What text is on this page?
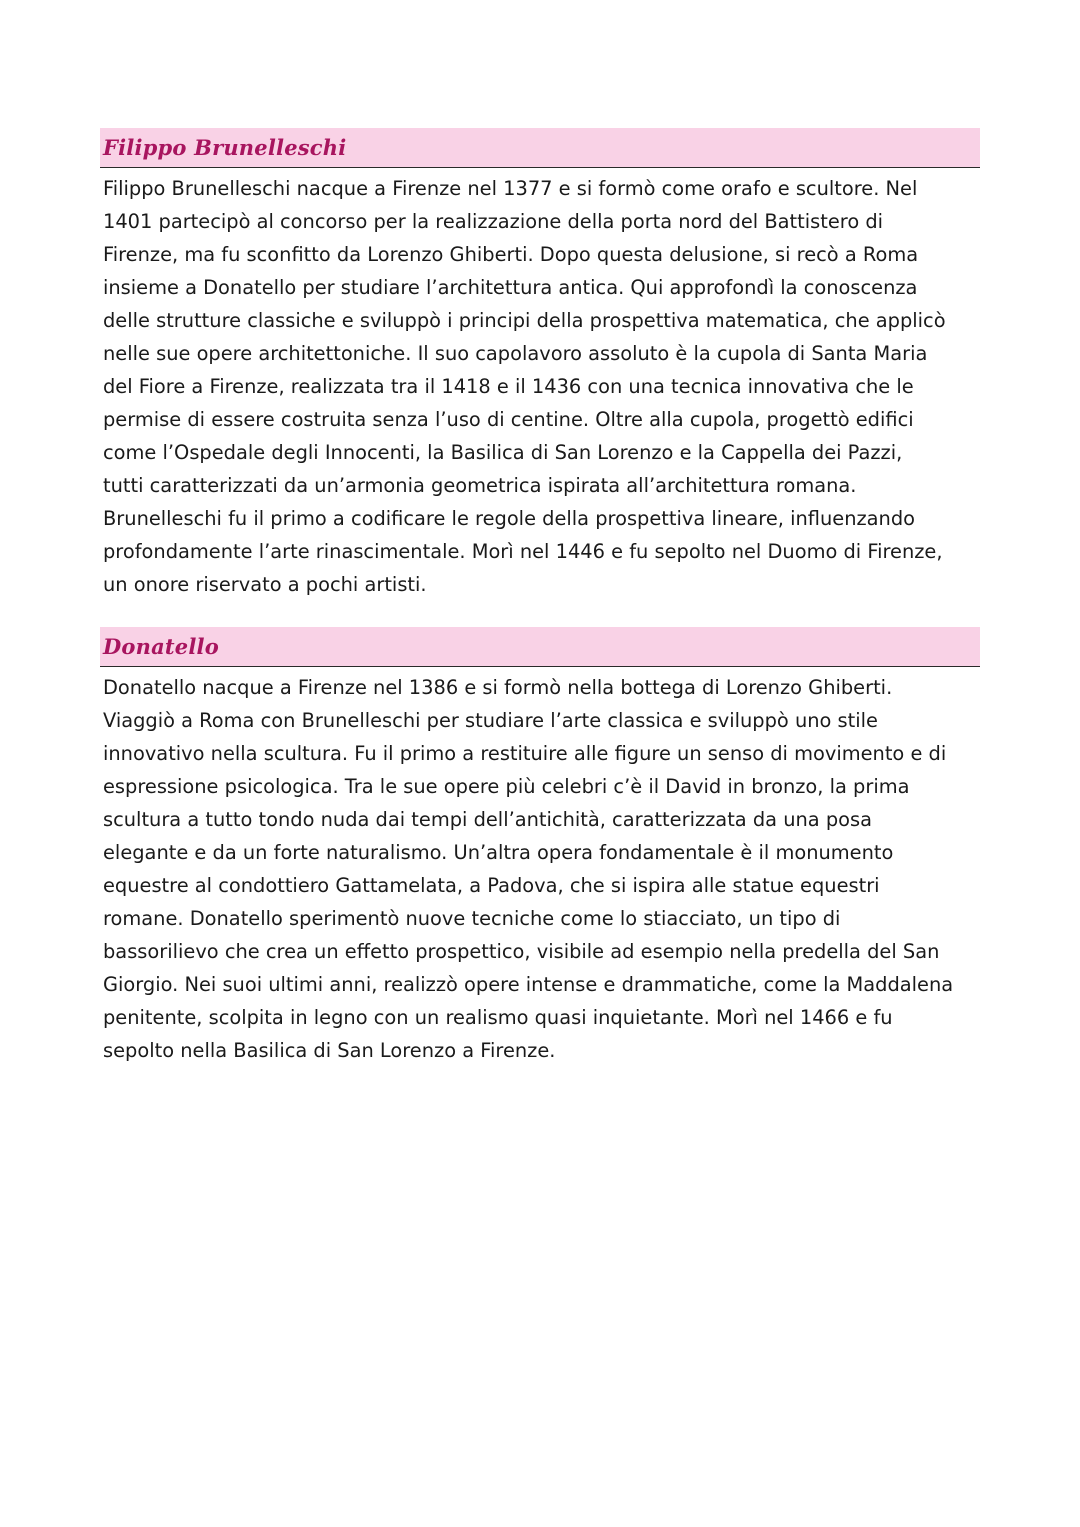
Filippo Brunelleschi
Filippo Brunelleschi nacque a Firenze nel 1377 e si formò come orafo e scultore. Nel
1401 partecipò al concorso per la realizzazione della porta nord del Battistero di
Firenze, ma fu sconfitto da Lorenzo Ghiberti. Dopo questa delusione, si recò a Roma
insieme a Donatello per studiare l’architettura antica. Qui approfondì la conoscenza
delle strutture classiche e sviluppò i principi della prospettiva matematica, che applicò
nelle sue opere architettoniche. Il suo capolavoro assoluto è la cupola di Santa Maria
del Fiore a Firenze, realizzata tra il 1418 e il 1436 con una tecnica innovativa che le
permise di essere costruita senza l’uso di centine. Oltre alla cupola, progettò edifici
come l’Ospedale degli Innocenti, la Basilica di San Lorenzo e la Cappella dei Pazzi,
tutti caratterizzati da un’armonia geometrica ispirata all’architettura romana.
Brunelleschi fu il primo a codificare le regole della prospettiva lineare, influenzando
profondamente l’arte rinascimentale. Morì nel 1446 e fu sepolto nel Duomo di Firenze,
un onore riservato a pochi artisti.
Donatello
Donatello nacque a Firenze nel 1386 e si formò nella bottega di Lorenzo Ghiberti.
Viaggiò a Roma con Brunelleschi per studiare l’arte classica e sviluppò uno stile
innovativo nella scultura. Fu il primo a restituire alle figure un senso di movimento e di
espressione psicologica. Tra le sue opere più celebri c’è il David in bronzo, la prima
scultura a tutto tondo nuda dai tempi dell’antichità, caratterizzata da una posa
elegante e da un forte naturalismo. Un’altra opera fondamentale è il monumento
equestre al condottiero Gattamelata, a Padova, che si ispira alle statue equestri
romane. Donatello sperimentò nuove tecniche come lo stiacciato, un tipo di
bassorilievo che crea un effetto prospettico, visibile ad esempio nella predella del San
Giorgio. Nei suoi ultimi anni, realizzò opere intense e drammatiche, come la Maddalena
penitente, scolpita in legno con un realismo quasi inquietante. Morì nel 1466 e fu
sepolto nella Basilica di San Lorenzo a Firenze.
